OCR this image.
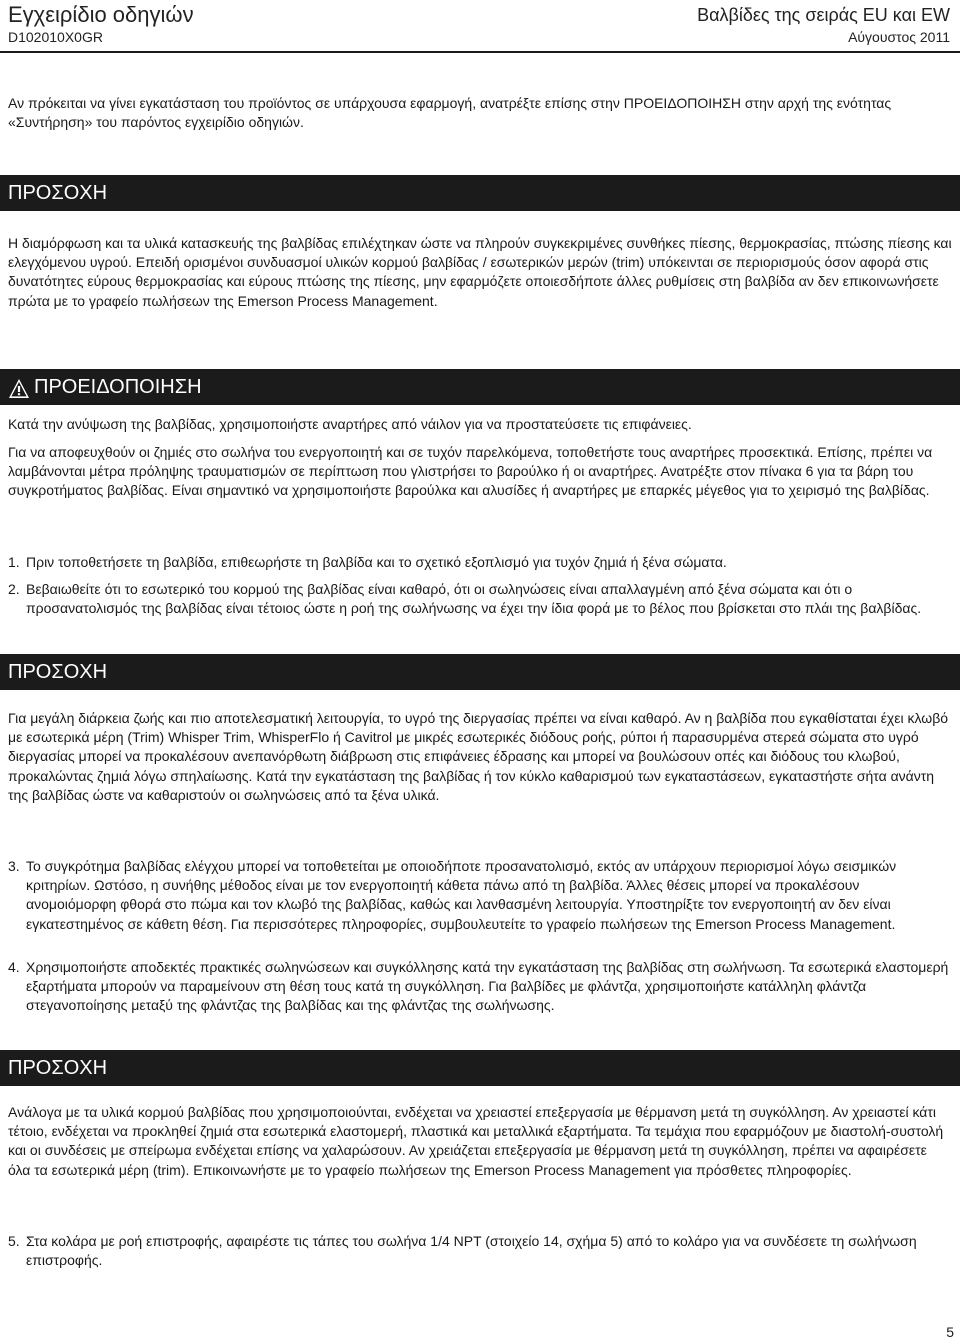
Εγχειρίδιο οδηγιών
D102010X0GR
Βαλβίδες της σειράς EU και EW
Αύγουστος 2011

Αν πρόκειται να γίνει εγκατάσταση του προϊόντος σε υπάρχουσα εφαρμογή, ανατρέξτε επίσης στην ΠΡΟΕΙΔΟΠΟΙΗΣΗ στην αρχή της ενότητας «Συντήρηση» του παρόντος εγχειρίδιο οδηγιών.

ΠΡΟΣΟΧΗ

Η διαμόρφωση και τα υλικά κατασκευής της βαλβίδας επιλέχτηκαν ώστε να πληρούν συγκεκριμένες συνθήκες πίεσης, θερμοκρασίας, πτώσης πίεσης και ελεγχόμενου υγρού. Επειδή ορισμένοι συνδυασμοί υλικών κορμού βαλβίδας / εσωτερικών μερών (trim) υπόκεινται σε περιορισμούς όσον αφορά στις δυνατότητες εύρους θερμοκρασίας και εύρους πτώσης της πίεσης, μην εφαρμόζετε οποιεσδήποτε άλλες ρυθμίσεις στη βαλβίδα αν δεν επικοινωνήσετε πρώτα με το γραφείο πωλήσεων της Emerson Process Management.

ΠΡΟΕΙΔΟΠΟΙΗΣΗ

Κατά την ανύψωση της βαλβίδας, χρησιμοποιήστε αναρτήρες από νάιλον για να προστατεύσετε τις επιφάνειες.

Για να αποφευχθούν οι ζημιές στο σωλήνα του ενεργοποιητή και σε τυχόν παρελκόμενα, τοποθετήστε τους αναρτήρες προσεκτικά. Επίσης, πρέπει να λαμβάνονται μέτρα πρόληψης τραυματισμών σε περίπτωση που γλιστρήσει το βαρούλκο ή οι αναρτήρες. Ανατρέξτε στον πίνακα 6 για τα βάρη του συγκροτήματος βαλβίδας. Είναι σημαντικό να χρησιμοποιήστε βαρούλκα και αλυσίδες ή αναρτήρες με επαρκές μέγεθος για το χειρισμό της βαλβίδας.

1. Πριν τοποθετήσετε τη βαλβίδα, επιθεωρήστε τη βαλβίδα και το σχετικό εξοπλισμό για τυχόν ζημιά ή ξένα σώματα.

2. Βεβαιωθείτε ότι το εσωτερικό του κορμού της βαλβίδας είναι καθαρό, ότι οι σωληνώσεις είναι απαλλαγμένη από ξένα σώματα και ότι ο προσανατολισμός της βαλβίδας είναι τέτοιος ώστε η ροή της σωλήνωσης να έχει την ίδια φορά με το βέλος που βρίσκεται στο πλάι της βαλβίδας.

ΠΡΟΣΟΧΗ

Για μεγάλη διάρκεια ζωής και πιο αποτελεσματική λειτουργία, το υγρό της διεργασίας πρέπει να είναι καθαρό. Αν η βαλβίδα που εγκαθίσταται έχει κλωβό με εσωτερικά μέρη (Trim) Whisper Trim, WhisperFlo ή Cavitrol με μικρές εσωτερικές διόδους ροής, ρύποι ή παρασυρμένα στερεά σώματα στο υγρό διεργασίας μπορεί να προκαλέσουν ανεπανόρθωτη διάβρωση στις επιφάνειες έδρασης και μπορεί να βουλώσουν οπές και διόδους του κλωβού, προκαλώντας ζημιά λόγω σπηλαίωσης. Κατά την εγκατάσταση της βαλβίδας ή τον κύκλο καθαρισμού των εγκαταστάσεων, εγκαταστήστε σήτα ανάντη της βαλβίδας ώστε να καθαριστούν οι σωληνώσεις από τα ξένα υλικά.

3. Το συγκρότημα βαλβίδας ελέγχου μπορεί να τοποθετείται με οποιοδήποτε προσανατολισμό, εκτός αν υπάρχουν περιορισμοί λόγω σεισμικών κριτηρίων. Ωστόσο, η συνήθης μέθοδος είναι με τον ενεργοποιητή κάθετα πάνω από τη βαλβίδα. Άλλες θέσεις μπορεί να προκαλέσουν ανομοιόμορφη φθορά στο πώμα και τον κλωβό της βαλβίδας, καθώς και λανθασμένη λειτουργία. Υποστηρίξτε τον ενεργοποιητή αν δεν είναι εγκατεστημένος σε κάθετη θέση. Για περισσότερες πληροφορίες, συμβουλευτείτε το γραφείο πωλήσεων της Emerson Process Management.

4. Χρησιμοποιήστε αποδεκτές πρακτικές σωληνώσεων και συγκόλλησης κατά την εγκατάσταση της βαλβίδας στη σωλήνωση. Τα εσωτερικά ελαστομερή εξαρτήματα μπορούν να παραμείνουν στη θέση τους κατά τη συγκόλληση. Για βαλβίδες με φλάντζα, χρησιμοποιήστε κατάλληλη φλάντζα στεγανοποίησης μεταξύ της φλάντζας της βαλβίδας και της φλάντζας της σωλήνωσης.

ΠΡΟΣΟΧΗ

Ανάλογα με τα υλικά κορμού βαλβίδας που χρησιμοποιούνται, ενδέχεται να χρειαστεί επεξεργασία με θέρμανση μετά τη συγκόλληση. Αν χρειαστεί κάτι τέτοιο, ενδέχεται να προκληθεί ζημιά στα εσωτερικά ελαστομερή, πλαστικά και μεταλλικά εξαρτήματα. Τα τεμάχια που εφαρμόζουν με διαστολή-συστολή και οι συνδέσεις με σπείρωμα ενδέχεται επίσης να χαλαρώσουν. Αν χρειάζεται επεξεργασία με θέρμανση μετά τη συγκόλληση, πρέπει να αφαιρέσετε όλα τα εσωτερικά μέρη (trim). Επικοινωνήστε με το γραφείο πωλήσεων της Emerson Process Management για πρόσθετες πληροφορίες.

5. Στα κολάρα με ροή επιστροφής, αφαιρέστε τις τάπες του σωλήνα 1/4 NPT (στοιχείο 14, σχήμα 5) από το κολάρο για να συνδέσετε τη σωλήνωση επιστροφής.

5
